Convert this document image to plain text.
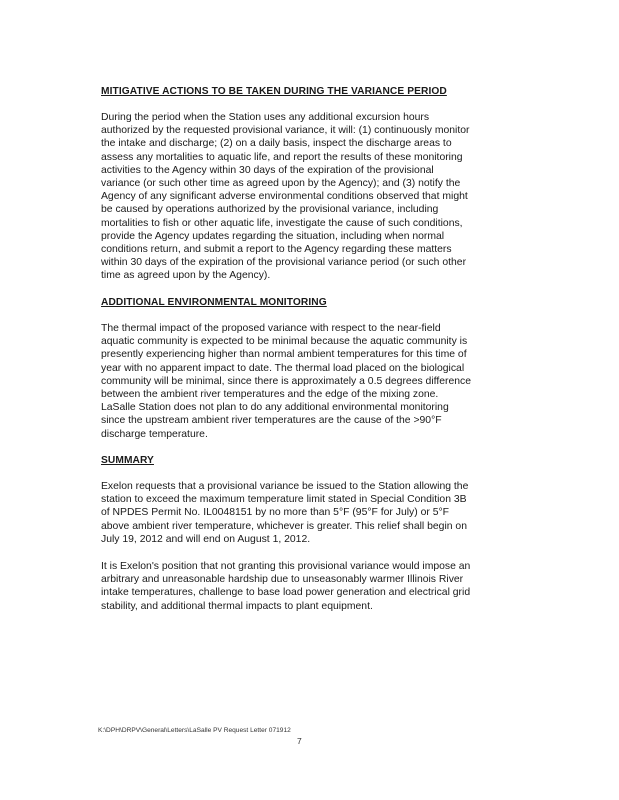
MITIGATIVE ACTIONS TO BE TAKEN DURING THE VARIANCE PERIOD
During the period when the Station uses any additional excursion hours
authorized by the requested provisional variance, it will: (1) continuously monitor
the intake and discharge; (2) on a daily basis, inspect the discharge areas to
assess any mortalities to aquatic life, and report the results of these monitoring
activities to the Agency within 30 days of the expiration of the provisional
variance (or such other time as agreed upon by the Agency); and (3) notify the
Agency of any significant adverse environmental conditions observed that might
be caused by operations authorized by the provisional variance, including
mortalities to fish or other aquatic life, investigate the cause of such conditions,
provide the Agency updates regarding the situation, including when normal
conditions return, and submit a report to the Agency regarding these matters
within 30 days of the expiration of the provisional variance period (or such other
time as agreed upon by the Agency).
ADDITIONAL ENVIRONMENTAL MONITORING
The thermal impact of the proposed variance with respect to the near-field
aquatic community is expected to be minimal because the aquatic community is
presently experiencing higher than normal ambient temperatures for this time of
year with no apparent impact to date. The thermal load placed on the biological
community will be minimal, since there is approximately a 0.5 degrees difference
between the ambient river temperatures and the edge of the mixing zone.
LaSalle Station does not plan to do any additional environmental monitoring
since the upstream ambient river temperatures are the cause of the >90°F
discharge temperature.
SUMMARY
Exelon requests that a provisional variance be issued to the Station allowing the
station to exceed the maximum temperature limit stated in Special Condition 3B
of NPDES Permit No. IL0048151 by no more than 5°F (95°F for July) or 5°F
above ambient river temperature, whichever is greater. This relief shall begin on
July 19, 2012 and will end on August 1, 2012.
It is Exelon's position that not granting this provisional variance would impose an
arbitrary and unreasonable hardship due to unseasonably warmer Illinois River
intake temperatures, challenge to base load power generation and electrical grid
stability, and additional thermal impacts to plant equipment.
K:\DPH\DRPV\General\Letters\LaSalle PV Request Letter 071912
7
